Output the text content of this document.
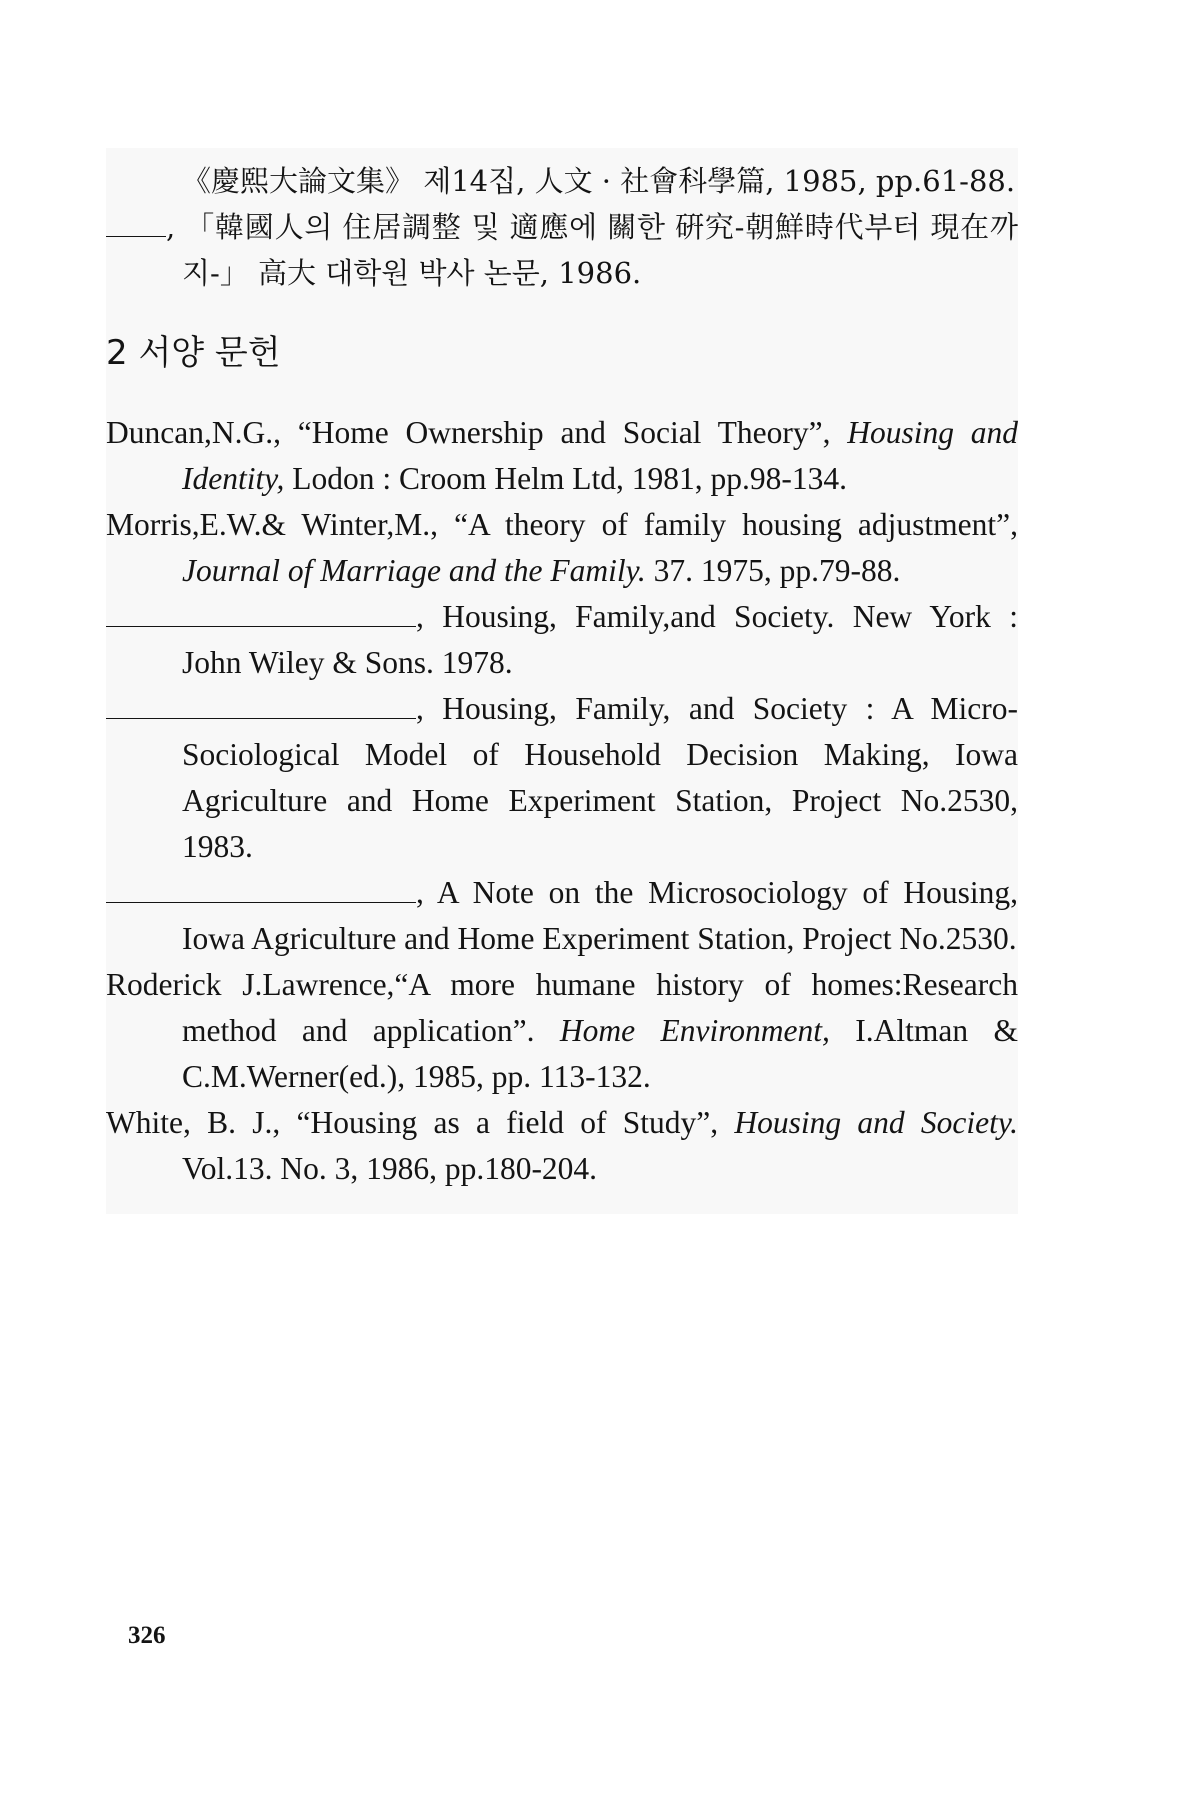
《慶熙大論文集》 제14집, 人文 · 社會科學篇, 1985, pp.61-88.
, 「韓國人의 住居調整 및 適應에 關한 硏究-朝鮮時代부터 現在까지-」 高大 대학원 박사 논문, 1986.
2 서양 문헌
Duncan,N.G., “Home Ownership and Social Theory”, Housing and Identity, Lodon : Croom Helm Ltd, 1981, pp.98-134.
Morris,E.W.& Winter,M., “A theory of family housing adjustment”, Journal of Marriage and the Family. 37. 1975, pp.79-88.
, Housing, Family,and Society. New York : John Wiley & Sons. 1978.
, Housing, Family, and Society : A Micro-Sociological Model of Household Decision Making, Iowa Agriculture and Home Experiment Station, Project No.2530, 1983.
, A Note on the Microsociology of Housing,
Iowa Agriculture and Home Experiment Station, Project No.2530.
Roderick J.Lawrence,“A more humane history of homes:Research method and application”. Home Environment, I.Altman & C.M.Werner(ed.), 1985, pp. 113-132.
White, B. J., “Housing as a field of Study”, Housing and Society. Vol.13. No. 3, 1986, pp.180-204.
326
